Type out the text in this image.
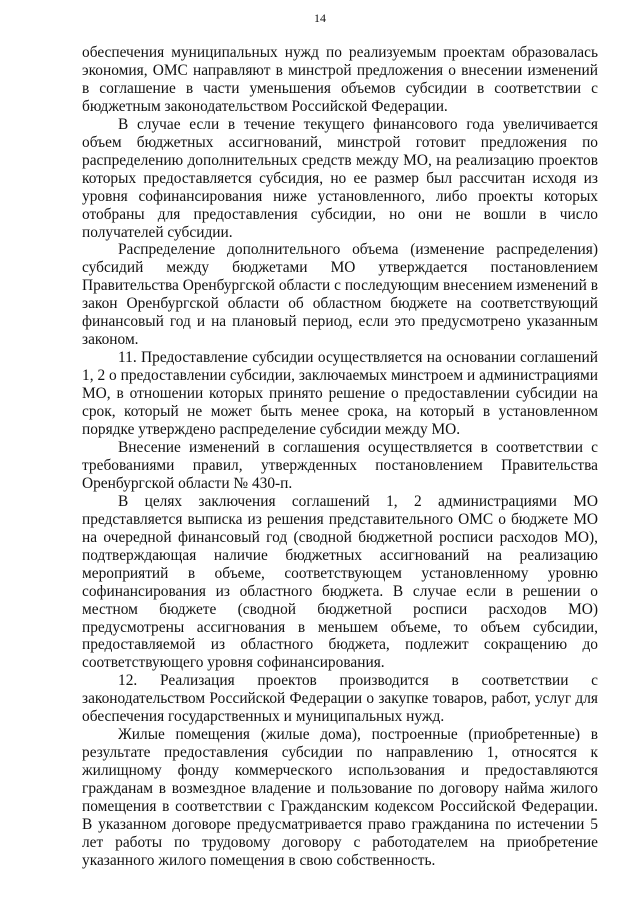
14

обеспечения муниципальных нужд по реализуемым проектам образовалась экономия, ОМС направляют в минстрой предложения о внесении изменений в соглашение в части уменьшения объемов субсидии в соответствии с бюджетным законодательством Российской Федерации.

В случае если в течение текущего финансового года увеличивается объем бюджетных ассигнований, минстрой готовит предложения по распределению дополнительных средств между МО, на реализацию проектов которых предоставляется субсидия, но ее размер был рассчитан исходя из уровня софинансирования ниже установленного, либо проекты которых отобраны для предоставления субсидии, но они не вошли в число получателей субсидии.

Распределение дополнительного объема (изменение распределения) субсидий между бюджетами МО утверждается постановлением Правительства Оренбургской области с последующим внесением изменений в закон Оренбургской области об областном бюджете на соответствующий финансовый год и на плановый период, если это предусмотрено указанным законом.

11. Предоставление субсидии осуществляется на основании соглашений 1, 2 о предоставлении субсидии, заключаемых минстроем и администрациями МО, в отношении которых принято решение о предоставлении субсидии на срок, который не может быть менее срока, на который в установленном порядке утверждено распределение субсидии между МО.

Внесение изменений в соглашения осуществляется в соответствии с требованиями правил, утвержденных постановлением Правительства Оренбургской области № 430-п.

В целях заключения соглашений 1, 2 администрациями МО представляется выписка из решения представительного ОМС о бюджете МО на очередной финансовый год (сводной бюджетной росписи расходов МО), подтверждающая наличие бюджетных ассигнований на реализацию мероприятий в объеме, соответствующем установленному уровню софинансирования из областного бюджета. В случае если в решении о местном бюджете (сводной бюджетной росписи расходов МО) предусмотрены ассигнования в меньшем объеме, то объем субсидии, предоставляемой из областного бюджета, подлежит сокращению до соответствующего уровня софинансирования.

12. Реализация проектов производится в соответствии с законодательством Российской Федерации о закупке товаров, работ, услуг для обеспечения государственных и муниципальных нужд.

Жилые помещения (жилые дома), построенные (приобретенные) в результате предоставления субсидии по направлению 1, относятся к жилищному фонду коммерческого использования и предоставляются гражданам в возмездное владение и пользование по договору найма жилого помещения в соответствии с Гражданским кодексом Российской Федерации. В указанном договоре предусматривается право гражданина по истечении 5 лет работы по трудовому договору с работодателем на приобретение указанного жилого помещения в свою собственность.
